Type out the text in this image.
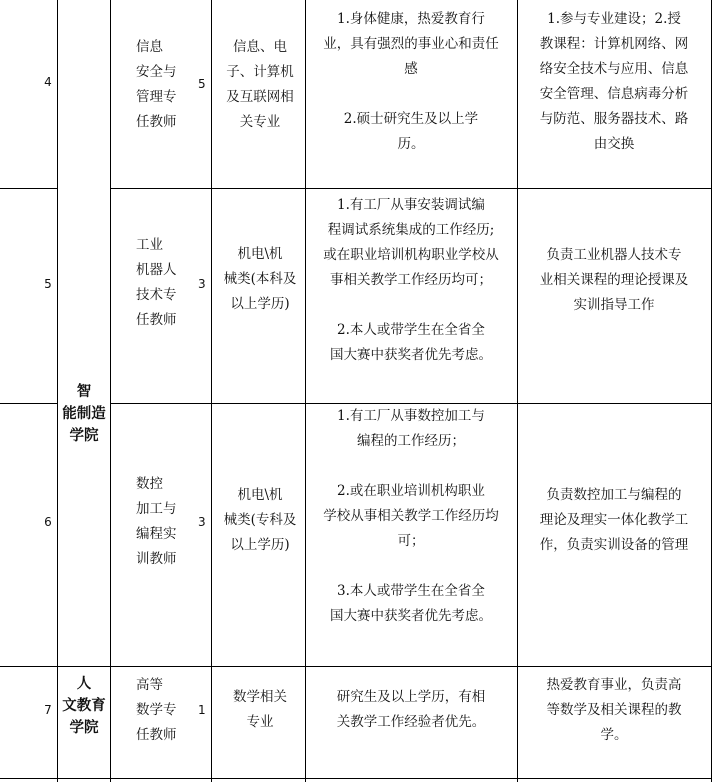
4
信息
安全与
管理专
任教师
5
信息、电
子、计算机
及互联网相
关专业
1.身体健康，热爱教育行
业，具有强烈的事业心和责任
感
2.硕士研究生及以上学
历。
1.参与专业建设；2.授
教课程：计算机网络、网
络安全技术与应用、信息
安全管理、信息病毒分析
与防范、服务器技术、路
由交换
5
工业
机器人
技术专
任教师
3
机电\机
械类(本科及
以上学历)
1.有工厂从事安装调试编
程调试系统集成的工作经历;
或在职业培训机构职业学校从
事相关教学工作经历均可；
2.本人或带学生在全省全
国大赛中获奖者优先考虑。
负责工业机器人技术专
业相关课程的理论授课及
实训指导工作
智
能制造
学院
6
数控
加工与
编程实
训教师
3
机电\机
械类(专科及
以上学历)
1.有工厂从事数控加工与
编程的工作经历；
2.或在职业培训机构职业
学校从事相关教学工作经历均
可；
3.本人或带学生在全省全
国大赛中获奖者优先考虑。
负责数控加工与编程的
理论及理实一体化教学工
作，负责实训设备的管理
7
人
文教育
学院
高等
数学专
任教师
1
数学相关
专业
研究生及以上学历，有相
关教学工作经验者优先。
热爱教育事业，负责高
等数学及相关课程的教
学。
